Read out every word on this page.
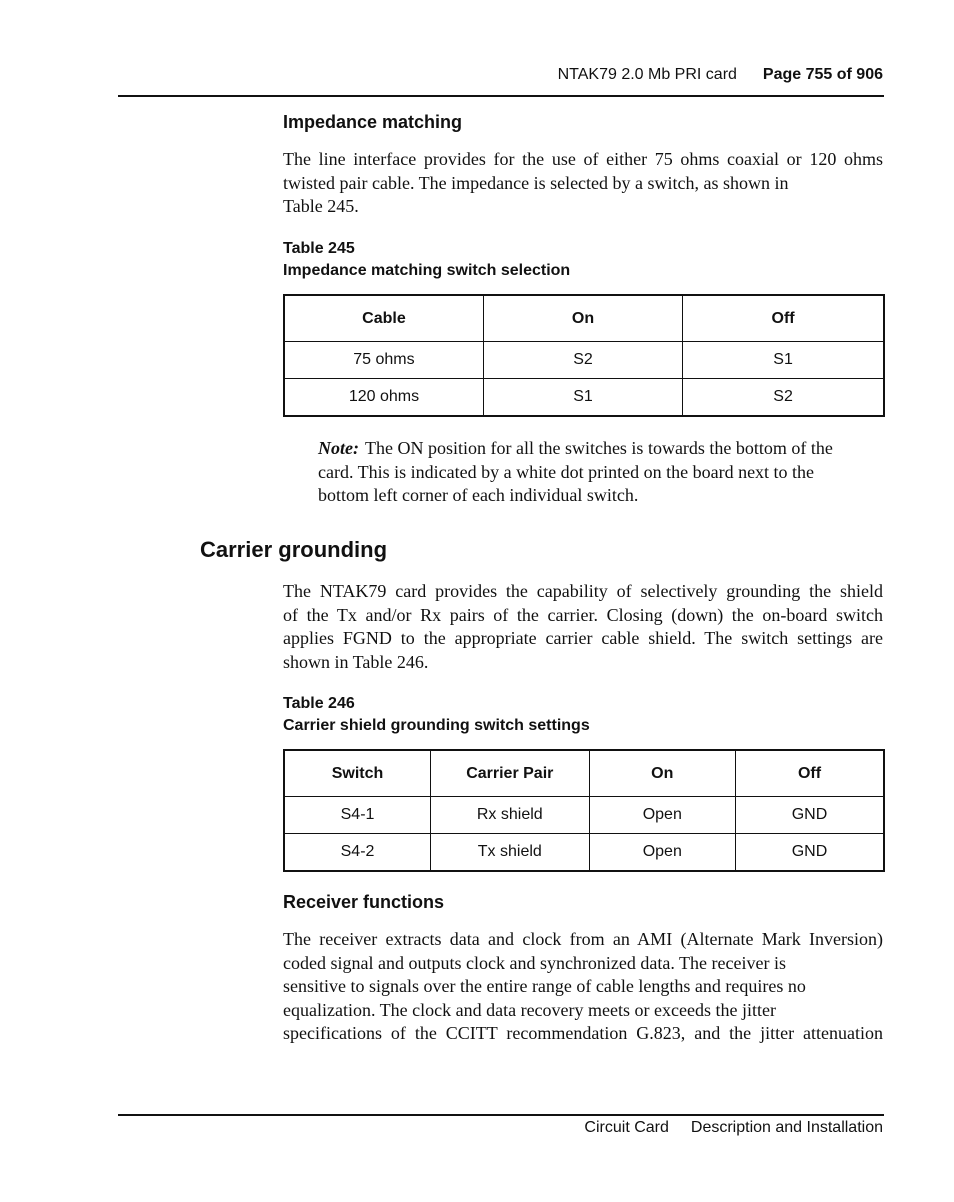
NTAK79 2.0 Mb PRI card Page 755 of 906
Impedance matching

The line interface provides for the use of either 75 ohms coaxial or 120 ohms
twisted pair cable. The impedance is selected by a switch, as shown in
Table 245.

Table 245
Impedance matching switch selection
Cable	On	Off
75 ohms	S2	S1
120 ohms	S1	S2

Note: The ON position for all the switches is towards the bottom of the
card. This is indicated by a white dot printed on the board next to the
bottom left corner of each individual switch.

Carrier grounding

The NTAK79 card provides the capability of selectively grounding the shield
of the Tx and/or Rx pairs of the carrier. Closing (down) the on-board switch
applies FGND to the appropriate carrier cable shield. The switch settings are
shown in Table 246.

Table 246
Carrier shield grounding switch settings
Switch	Carrier Pair	On	Off
S4-1	Rx shield	Open	GND
S4-2	Tx shield	Open	GND
Receiver functions

The receiver extracts data and clock from an AMI (Alternate Mark Inversion)
coded signal and outputs clock and synchronized data. The receiver is
sensitive to signals over the entire range of cable lengths and requires no
equalization. The clock and data recovery meets or exceeds the jitter
specifications of the CCITT recommendation G.823, and the jitter attenuation

Circuit Card Description and Installation
